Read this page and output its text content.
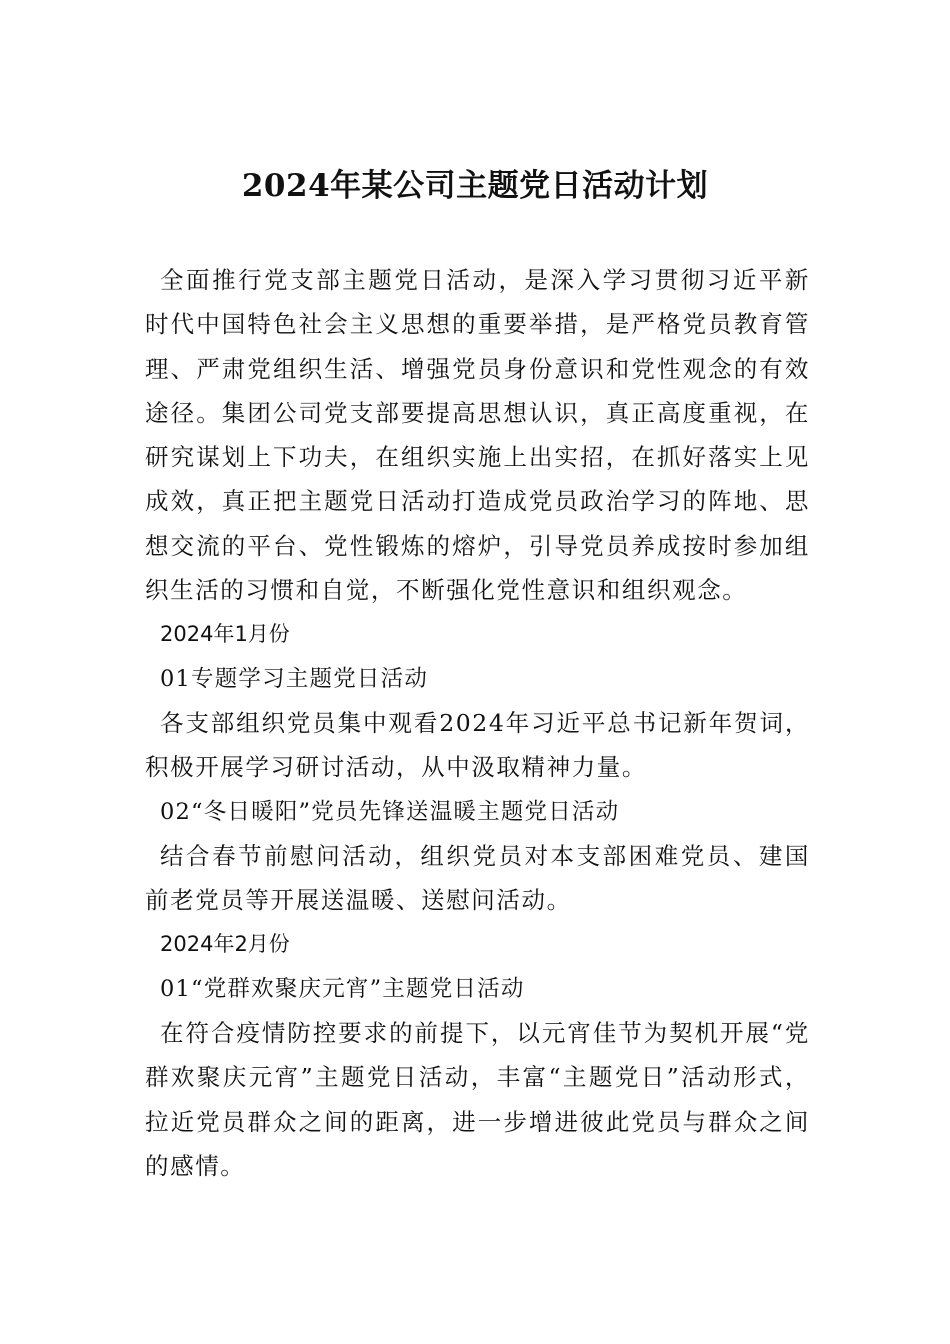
2024年某公司主题党日活动计划

全面推行党支部主题党日活动，是深入学习贯彻习近平新时代中国特色社会主义思想的重要举措，是严格党员教育管理、严肃党组织生活、增强党员身份意识和党性观念的有效途径。集团公司党支部要提高思想认识，真正高度重视，在研究谋划上下功夫，在组织实施上出实招，在抓好落实上见成效，真正把主题党日活动打造成党员政治学习的阵地、思想交流的平台、党性锻炼的熔炉，引导党员养成按时参加组织生活的习惯和自觉，不断强化党性意识和组织观念。

2024年1月份

01专题学习主题党日活动

各支部组织党员集中观看2024年习近平总书记新年贺词，积极开展学习研讨活动，从中汲取精神力量。

02“冬日暖阳”党员先锋送温暖主题党日活动

结合春节前慰问活动，组织党员对本支部困难党员、建国前老党员等开展送温暖、送慰问活动。

2024年2月份

01“党群欢聚庆元宵”主题党日活动

在符合疫情防控要求的前提下，以元宵佳节为契机开展“党群欢聚庆元宵”主题党日活动，丰富“主题党日”活动形式，拉近党员群众之间的距离，进一步增进彼此党员与群众之间的感情。
